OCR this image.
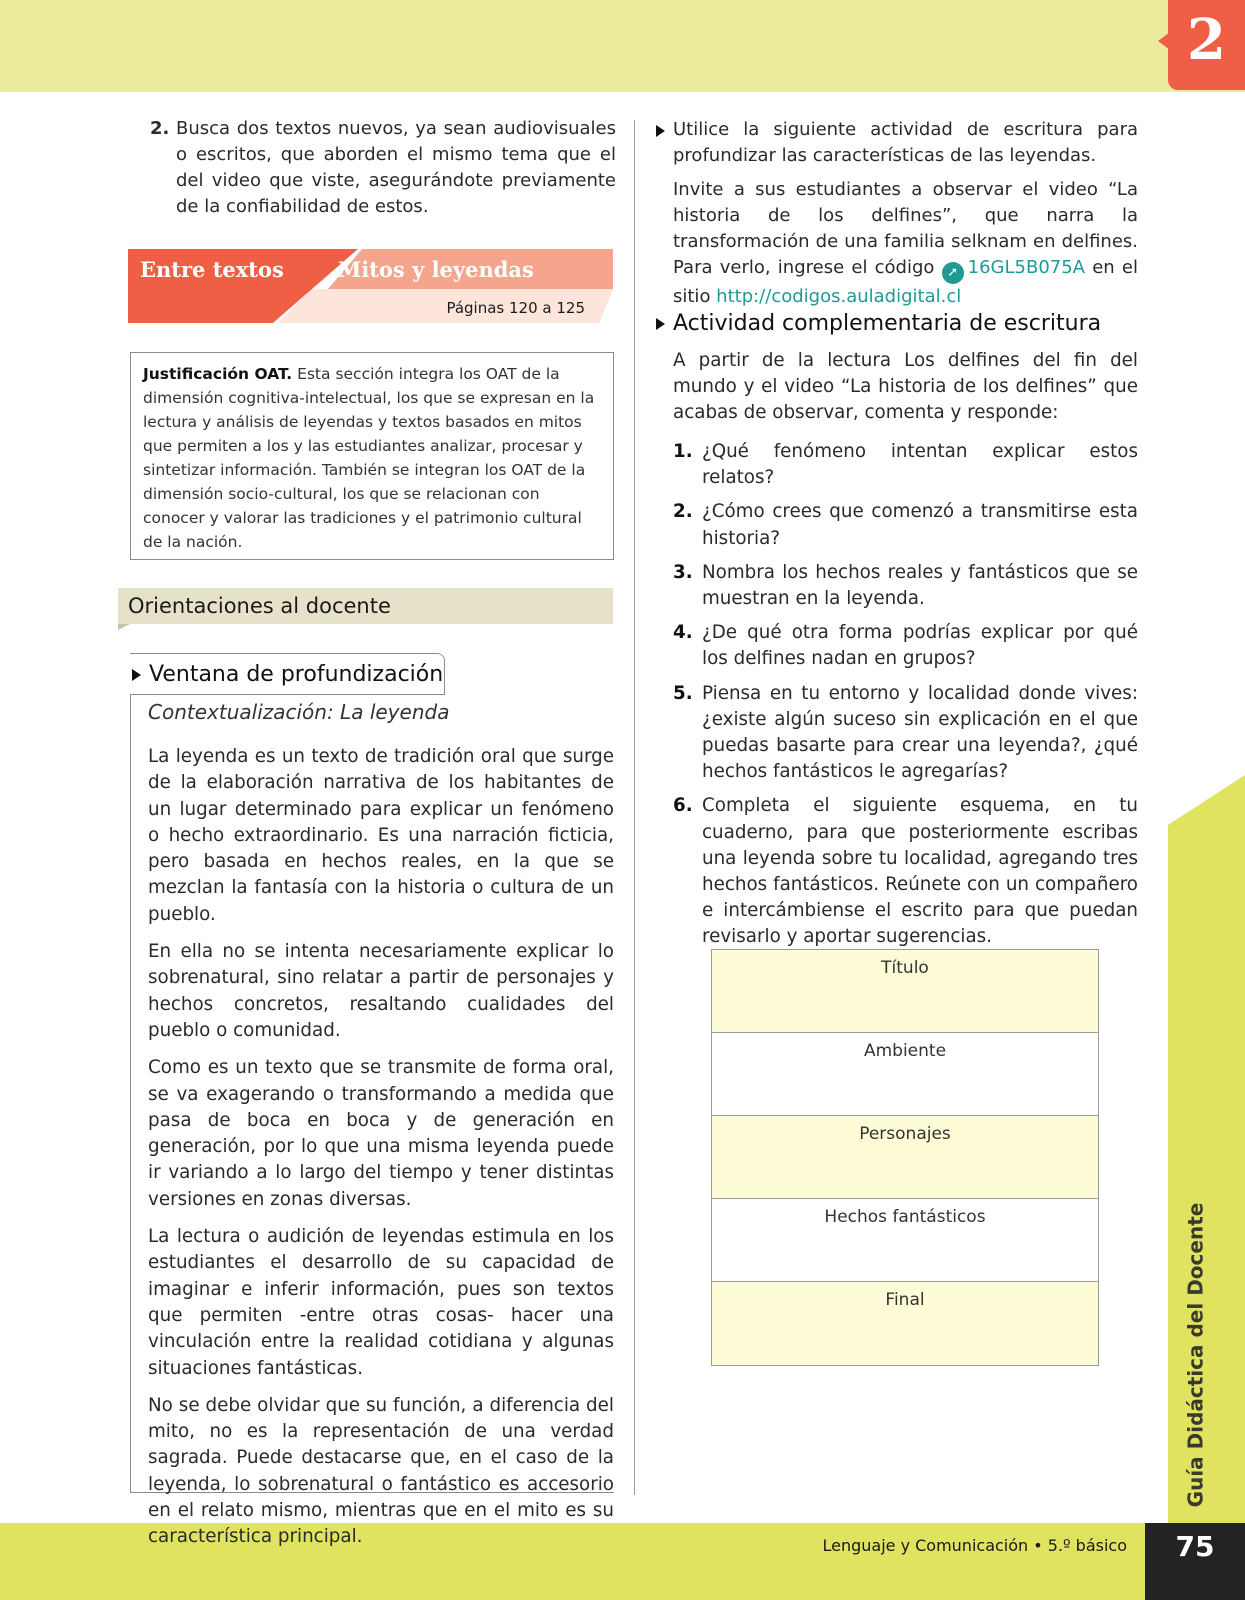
2
Guía Didáctica del Docente
Lenguaje y Comunicación • 5.º básico	75
2. Busca dos textos nuevos, ya sean audiovisuales o escritos, que aborden el mismo tema que el del video que viste, asegurándote previamente de la confiabilidad de estos.
Entre textos	Mitos y leyendas
Páginas 120 a 125
Justificación OAT. Esta sección integra los OAT de la dimensión cognitiva-intelectual, los que se expresan en la lectura y análisis de leyendas y textos basados en mitos que permiten a los y las estudiantes analizar, procesar y sintetizar información. También se integran los OAT de la dimensión socio-cultural, los que se relacionan con conocer y valorar las tradiciones y el patrimonio cultural de la nación.
Orientaciones al docente
Ventana de profundización
Contextualización: La leyenda

La leyenda es un texto de tradición oral que surge de la elaboración narrativa de los habitantes de un lugar determinado para explicar un fenómeno o hecho extraordinario. Es una narración ficticia, pero basada en hechos reales, en la que se mezclan la fantasía con la historia o cultura de un pueblo.

En ella no se intenta necesariamente explicar lo sobrenatural, sino relatar a partir de personajes y hechos concretos, resaltando cualidades del pueblo o comunidad.

Como es un texto que se transmite de forma oral, se va exagerando o transformando a medida que pasa de boca en boca y de generación en generación, por lo que una misma leyenda puede ir variando a lo largo del tiempo y tener distintas versiones en zonas diversas.

La lectura o audición de leyendas estimula en los estudiantes el desarrollo de su capacidad de imaginar e inferir información, pues son textos que permiten -entre otras cosas- hacer una vinculación entre la realidad cotidiana y algunas situaciones fantásticas.

No se debe olvidar que su función, a diferencia del mito, no es la representación de una verdad sagrada. Puede destacarse que, en el caso de la leyenda, lo sobrenatural o fantástico es accesorio en el relato mismo, mientras que en el mito es su característica principal.

Utilice la siguiente actividad de escritura para profundizar las características de las leyendas.

Invite a sus estudiantes a observar el video “La historia de los delfines”, que narra la transformación de una familia selknam en delfines. Para verlo, ingrese el código ➚ 16GL5B075A en el sitio http://codigos.auladigital.cl

Actividad complementaria de escritura
A partir de la lectura Los delfines del fin del mundo y el video “La historia de los delfines” que acabas de observar, comenta y responde:
1. ¿Qué fenómeno intentan explicar estos relatos?
2. ¿Cómo crees que comenzó a transmitirse esta historia?
3. Nombra los hechos reales y fantásticos que se muestran en la leyenda.
4. ¿De qué otra forma podrías explicar por qué los delfines nadan en grupos?
5. Piensa en tu entorno y localidad donde vives: ¿existe algún suceso sin explicación en el que puedas basarte para crear una leyenda?, ¿qué hechos fantásticos le agregarías?
6. Completa el siguiente esquema, en tu cuaderno, para que posteriormente escribas una leyenda sobre tu localidad, agregando tres hechos fantásticos. Reúnete con un compañero e intercámbiense el escrito para que puedan revisarlo y aportar sugerencias.
Título
Ambiente
Personajes
Hechos fantásticos
Final
